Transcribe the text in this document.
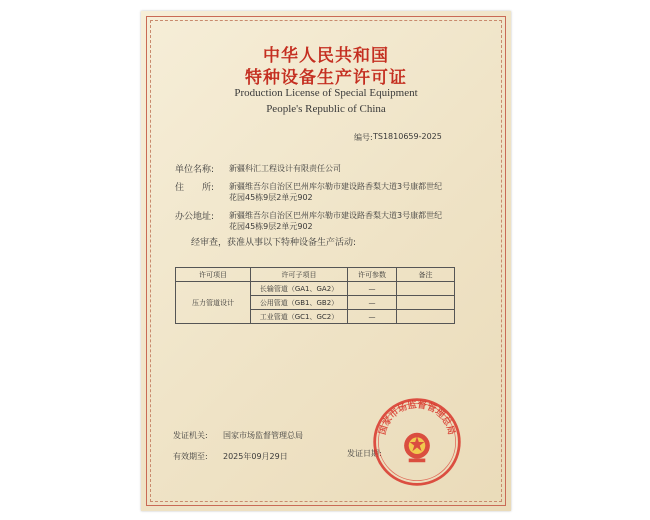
中华人民共和国
特种设备生产许可证
Production License of Special Equipment
People's Republic of China
编号: TS1810659-2025
单位名称: 新疆科汇工程设计有限责任公司
住　　所: 新疆维吾尔自治区巴州库尔勒市建设路香梨大道3号康都世纪花园45栋9层2单元902
办公地址: 新疆维吾尔自治区巴州库尔勒市建设路香梨大道3号康都世纪花园45栋9层2单元902
经审查，获准从事以下特种设备生产活动:
许可项目	许可子项目	许可参数	备注
压力管道设计	长输管道（GA1、GA2）	—	
	公用管道（GB1、GB2）	—	
	工业管道（GC1、GC2）	—	
发证机关: 国家市场监督管理总局
有效期至: 2025年09月29日	发证日期:
国家市场监督管理总局
